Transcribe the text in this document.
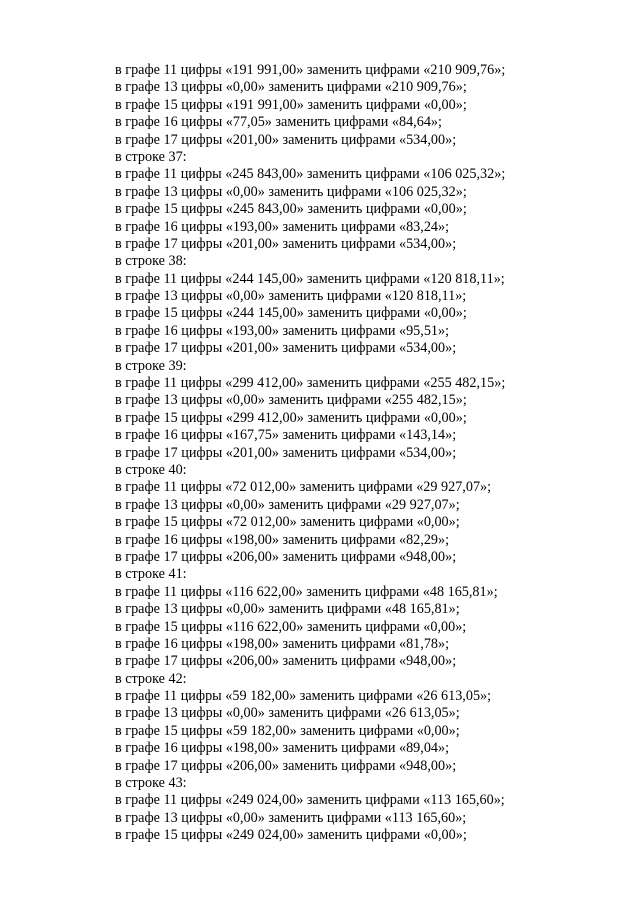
в графе 11 цифры «191 991,00» заменить цифрами «210 909,76»;
в графе 13 цифры «0,00» заменить цифрами «210 909,76»;
в графе 15 цифры «191 991,00» заменить цифрами «0,00»;
в графе 16 цифры «77,05» заменить цифрами «84,64»;
в графе 17 цифры «201,00» заменить цифрами «534,00»;
в строке 37:
в графе 11 цифры «245 843,00» заменить цифрами «106 025,32»;
в графе 13 цифры «0,00» заменить цифрами «106 025,32»;
в графе 15 цифры «245 843,00» заменить цифрами «0,00»;
в графе 16 цифры «193,00» заменить цифрами «83,24»;
в графе 17 цифры «201,00» заменить цифрами «534,00»;
в строке 38:
в графе 11 цифры «244 145,00» заменить цифрами «120 818,11»;
в графе 13 цифры «0,00» заменить цифрами «120 818,11»;
в графе 15 цифры «244 145,00» заменить цифрами «0,00»;
в графе 16 цифры «193,00» заменить цифрами «95,51»;
в графе 17 цифры «201,00» заменить цифрами «534,00»;
в строке 39:
в графе 11 цифры «299 412,00» заменить цифрами «255 482,15»;
в графе 13 цифры «0,00» заменить цифрами «255 482,15»;
в графе 15 цифры «299 412,00» заменить цифрами «0,00»;
в графе 16 цифры «167,75» заменить цифрами «143,14»;
в графе 17 цифры «201,00» заменить цифрами «534,00»;
в строке 40:
в графе 11 цифры «72 012,00» заменить цифрами «29 927,07»;
в графе 13 цифры «0,00» заменить цифрами «29 927,07»;
в графе 15 цифры «72 012,00» заменить цифрами «0,00»;
в графе 16 цифры «198,00» заменить цифрами «82,29»;
в графе 17 цифры «206,00» заменить цифрами «948,00»;
в строке 41:
в графе 11 цифры «116 622,00» заменить цифрами «48 165,81»;
в графе 13 цифры «0,00» заменить цифрами «48 165,81»;
в графе 15 цифры «116 622,00» заменить цифрами «0,00»;
в графе 16 цифры «198,00» заменить цифрами «81,78»;
в графе 17 цифры «206,00» заменить цифрами «948,00»;
в строке 42:
в графе 11 цифры «59 182,00» заменить цифрами «26 613,05»;
в графе 13 цифры «0,00» заменить цифрами «26 613,05»;
в графе 15 цифры «59 182,00» заменить цифрами «0,00»;
в графе 16 цифры «198,00» заменить цифрами «89,04»;
в графе 17 цифры «206,00» заменить цифрами «948,00»;
в строке 43:
в графе 11 цифры «249 024,00» заменить цифрами «113 165,60»;
в графе 13 цифры «0,00» заменить цифрами «113 165,60»;
в графе 15 цифры «249 024,00» заменить цифрами «0,00»;
